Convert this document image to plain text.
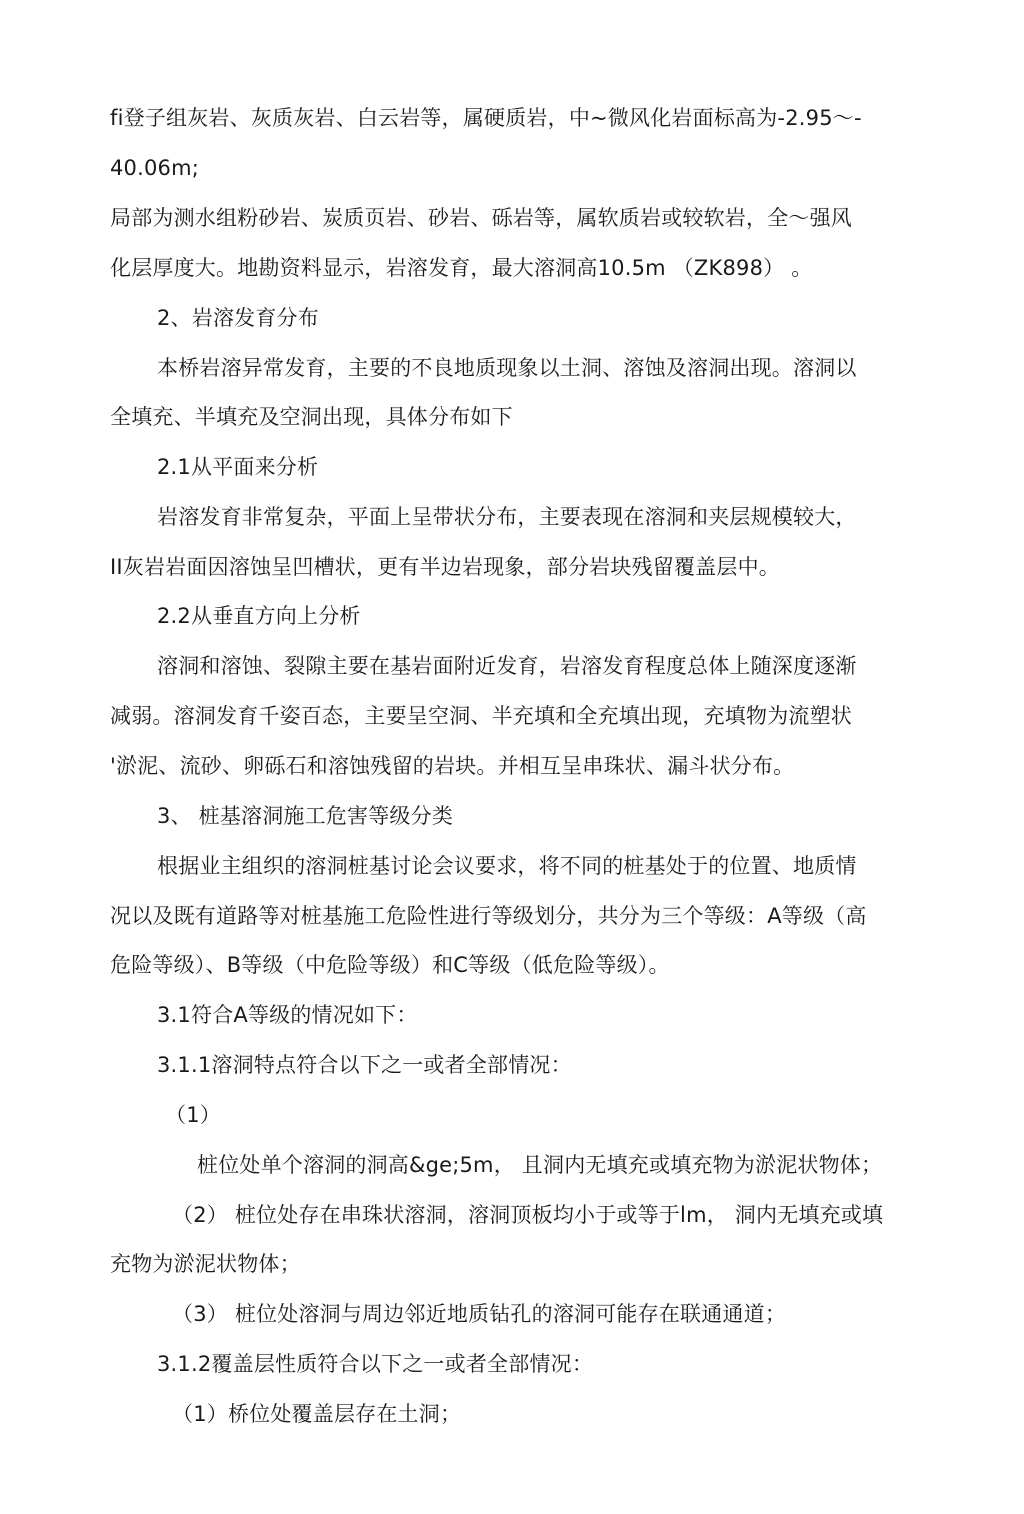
fi登子组灰岩、灰质灰岩、白云岩等，属硬质岩，中~微风化岩面标高为-2.95～-
40.06m;
局部为测水组粉砂岩、炭质页岩、砂岩、砾岩等，属软质岩或较软岩，全～强风
化层厚度大。地勘资料显示，岩溶发育，最大溶洞高10.5m （ZK898） 。
2、岩溶发育分布
本桥岩溶异常发育，主要的不良地质现象以土洞、溶蚀及溶洞出现。溶洞以
全填充、半填充及空洞出现，具体分布如下
2.1从平面来分析
岩溶发育非常复杂，平面上呈带状分布，主要表现在溶洞和夹层规模较大，
II灰岩岩面因溶蚀呈凹槽状，更有半边岩现象，部分岩块残留覆盖层中。
2.2从垂直方向上分析
溶洞和溶蚀、裂隙主要在基岩面附近发育，岩溶发育程度总体上随深度逐渐
减弱。溶洞发育千姿百态，主要呈空洞、半充填和全充填出现，充填物为流塑状
'淤泥、流砂、卵砾石和溶蚀残留的岩块。并相互呈串珠状、漏斗状分布。
3、 桩基溶洞施工危害等级分类
根据业主组织的溶洞桩基讨论会议要求，将不同的桩基处于的位置、地质情
况以及既有道路等对桩基施工危险性进行等级划分，共分为三个等级：A等级（高
危险等级）、B等级（中危险等级）和C等级（低危险等级）。
3.1符合A等级的情况如下：
3.1.1溶洞特点符合以下之一或者全部情况：
（1）
桩位处单个溶洞的洞高&ge;5m， 且洞内无填充或填充物为淤泥状物体；
（2） 桩位处存在串珠状溶洞，溶洞顶板均小于或等于lm， 洞内无填充或填
充物为淤泥状物体；
（3） 桩位处溶洞与周边邻近地质钻孔的溶洞可能存在联通通道；
3.1.2覆盖层性质符合以下之一或者全部情况：
（1）桥位处覆盖层存在土洞；
